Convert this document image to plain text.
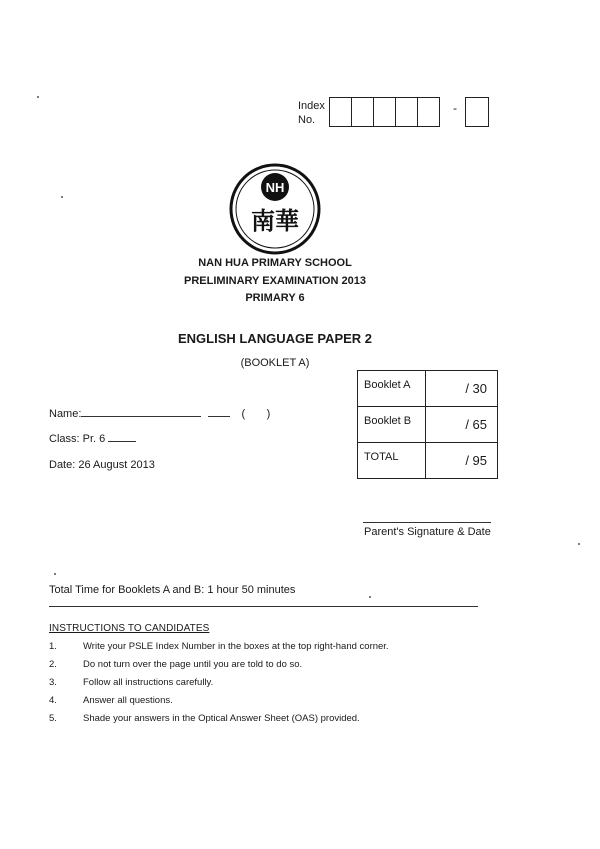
Index
No.
-
NH
南華
NAN HUA PRIMARY SCHOOL
PRELIMINARY EXAMINATION 2013
PRIMARY 6
ENGLISH LANGUAGE PAPER 2
(BOOKLET A)
Booklet A	/ 30
Booklet B	/ 65
TOTAL	/ 95
Name:	(       )
Class: Pr. 6
Date: 26 August 2013
Parent's Signature & Date
Total Time for Booklets A and B: 1 hour 50 minutes
INSTRUCTIONS TO CANDIDATES
1.	Write your PSLE Index Number in the boxes at the top right-hand corner.
2.	Do not turn over the page until you are told to do so.
3.	Follow all instructions carefully.
4.	Answer all questions.
5.	Shade your answers in the Optical Answer Sheet (OAS) provided.
